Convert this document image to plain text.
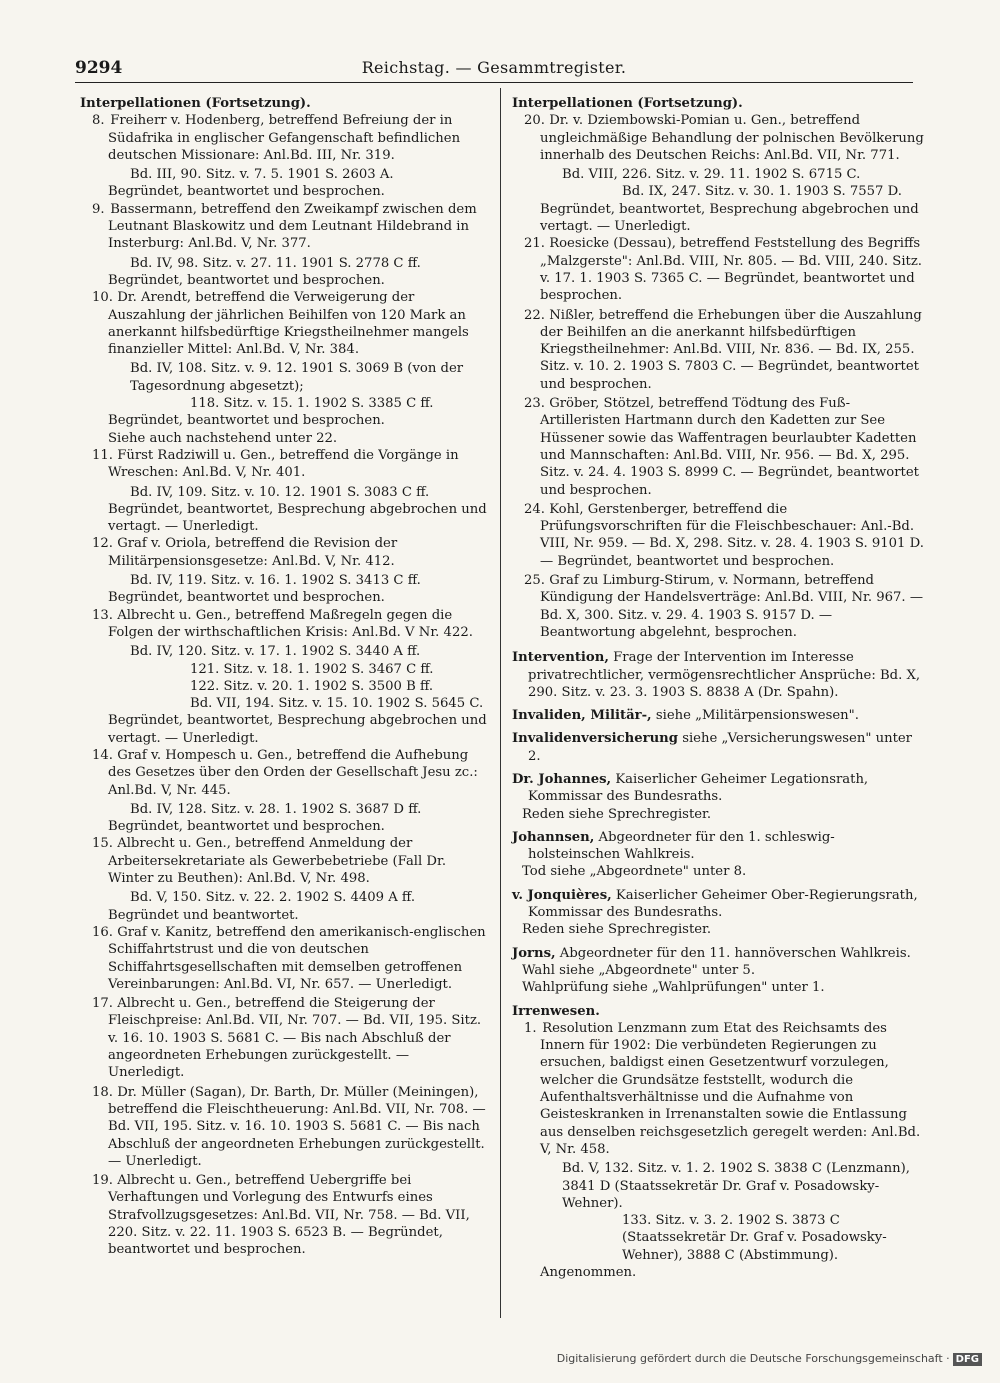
9294	Reichstag. — Gesammtregister.

Interpellationen (Fortsetzung).

8. Freiherr v. Hodenberg, betreffend Befreiung der in Südafrika in englischer Gefangenschaft befindlichen deutschen Missionare: Anl.Bd. III, Nr. 319.

Bd. III, 90. Sitz. v. 7. 5. 1901 S. 2603 A.

Begründet, beantwortet und besprochen.

9. Bassermann, betreffend den Zweikampf zwischen dem Leutnant Blaskowitz und dem Leutnant Hildebrand in Insterburg: Anl.Bd. V, Nr. 377.

Bd. IV, 98. Sitz. v. 27. 11. 1901 S. 2778 C ff.

Begründet, beantwortet und besprochen.

10. Dr. Arendt, betreffend die Verweigerung der Auszahlung der jährlichen Beihilfen von 120 Mark an anerkannt hilfsbedürftige Kriegstheilnehmer mangels finanzieller Mittel: Anl.Bd. V, Nr. 384.

Bd. IV, 108. Sitz. v. 9. 12. 1901 S. 3069 B (von der Tagesordnung abgesetzt);

118. Sitz. v. 15. 1. 1902 S. 3385 C ff.

Begründet, beantwortet und besprochen.

Siehe auch nachstehend unter 22.

11. Fürst Radziwill u. Gen., betreffend die Vorgänge in Wreschen: Anl.Bd. V, Nr. 401.

Bd. IV, 109. Sitz. v. 10. 12. 1901 S. 3083 C ff.

Begründet, beantwortet, Besprechung abgebrochen und vertagt. — Unerledigt.

12. Graf v. Oriola, betreffend die Revision der Militärpensionsgesetze: Anl.Bd. V, Nr. 412.

Bd. IV, 119. Sitz. v. 16. 1. 1902 S. 3413 C ff.

Begründet, beantwortet und besprochen.

13. Albrecht u. Gen., betreffend Maßregeln gegen die Folgen der wirthschaftlichen Krisis: Anl.Bd. V Nr. 422.

Bd. IV, 120. Sitz. v. 17. 1. 1902 S. 3440 A ff.

121. Sitz. v. 18. 1. 1902 S. 3467 C ff.

122. Sitz. v. 20. 1. 1902 S. 3500 B ff.

Bd. VII, 194. Sitz. v. 15. 10. 1902 S. 5645 C.

Begründet, beantwortet, Besprechung abgebrochen und vertagt. — Unerledigt.

14. Graf v. Hompesch u. Gen., betreffend die Aufhebung des Gesetzes über den Orden der Gesellschaft Jesu zc.: Anl.Bd. V, Nr. 445.

Bd. IV, 128. Sitz. v. 28. 1. 1902 S. 3687 D ff.

Begründet, beantwortet und besprochen.

15. Albrecht u. Gen., betreffend Anmeldung der Arbeitersekretariate als Gewerbebetriebe (Fall Dr. Winter zu Beuthen): Anl.Bd. V, Nr. 498.

Bd. V, 150. Sitz. v. 22. 2. 1902 S. 4409 A ff.

Begründet und beantwortet.

16. Graf v. Kanitz, betreffend den amerikanisch-englischen Schiffahrtstrust und die von deutschen Schiffahrtsgesellschaften mit demselben getroffenen Vereinbarungen: Anl.Bd. VI, Nr. 657. — Unerledigt.

17. Albrecht u. Gen., betreffend die Steigerung der Fleischpreise: Anl.Bd. VII, Nr. 707. — Bd. VII, 195. Sitz. v. 16. 10. 1903 S. 5681 C. — Bis nach Abschluß der angeordneten Erhebungen zurückgestellt. — Unerledigt.

18. Dr. Müller (Sagan), Dr. Barth, Dr. Müller (Meiningen), betreffend die Fleischtheuerung: Anl.Bd. VII, Nr. 708. — Bd. VII, 195. Sitz. v. 16. 10. 1903 S. 5681 C. — Bis nach Abschluß der angeordneten Erhebungen zurückgestellt. — Unerledigt.

19. Albrecht u. Gen., betreffend Uebergriffe bei Verhaftungen und Vorlegung des Entwurfs eines Strafvollzugsgesetzes: Anl.Bd. VII, Nr. 758. — Bd. VII, 220. Sitz. v. 22. 11. 1903 S. 6523 B. — Begründet, beantwortet und besprochen.

Interpellationen (Fortsetzung).

20. Dr. v. Dziembowski-Pomian u. Gen., betreffend ungleichmäßige Behandlung der polnischen Bevölkerung innerhalb des Deutschen Reichs: Anl.Bd. VII, Nr. 771.

Bd. VIII, 226. Sitz. v. 29. 11. 1902 S. 6715 C.

Bd. IX, 247. Sitz. v. 30. 1. 1903 S. 7557 D.

Begründet, beantwortet, Besprechung abgebrochen und vertagt. — Unerledigt.

21. Roesicke (Dessau), betreffend Feststellung des Begriffs „Malzgerste": Anl.Bd. VIII, Nr. 805. — Bd. VIII, 240. Sitz. v. 17. 1. 1903 S. 7365 C. — Begründet, beantwortet und besprochen.

22. Nißler, betreffend die Erhebungen über die Auszahlung der Beihilfen an die anerkannt hilfsbedürftigen Kriegstheilnehmer: Anl.Bd. VIII, Nr. 836. — Bd. IX, 255. Sitz. v. 10. 2. 1903 S. 7803 C. — Begründet, beantwortet und besprochen.

23. Gröber, Stötzel, betreffend Tödtung des Fuß-Artilleristen Hartmann durch den Kadetten zur See Hüssener sowie das Waffentragen beurlaubter Kadetten und Mannschaften: Anl.Bd. VIII, Nr. 956. — Bd. X, 295. Sitz. v. 24. 4. 1903 S. 8999 C. — Begründet, beantwortet und besprochen.

24. Kohl, Gerstenberger, betreffend die Prüfungsvorschriften für die Fleischbeschauer: Anl.-Bd. VIII, Nr. 959. — Bd. X, 298. Sitz. v. 28. 4. 1903 S. 9101 D. — Begründet, beantwortet und besprochen.

25. Graf zu Limburg-Stirum, v. Normann, betreffend Kündigung der Handelsverträge: Anl.Bd. VIII, Nr. 967. — Bd. X, 300. Sitz. v. 29. 4. 1903 S. 9157 D. — Beantwortung abgelehnt, besprochen.

Intervention, Frage der Intervention im Interesse privatrechtlicher, vermögensrechtlicher Ansprüche: Bd. X, 290. Sitz. v. 23. 3. 1903 S. 8838 A (Dr. Spahn).

Invaliden, Militär-, siehe „Militärpensionswesen".

Invalidenversicherung siehe „Versicherungswesen" unter 2.

Dr. Johannes, Kaiserlicher Geheimer Legationsrath, Kommissar des Bundesraths.

Reden siehe Sprechregister.

Johannsen, Abgeordneter für den 1. schleswig-holsteinschen Wahlkreis.

Tod siehe „Abgeordnete" unter 8.

v. Jonquières, Kaiserlicher Geheimer Ober-Regierungsrath, Kommissar des Bundesraths.

Reden siehe Sprechregister.

Jorns, Abgeordneter für den 11. hannöverschen Wahlkreis.

Wahl siehe „Abgeordnete" unter 5.

Wahlprüfung siehe „Wahlprüfungen" unter 1.

Irrenwesen.

1. Resolution Lenzmann zum Etat des Reichsamts des Innern für 1902: Die verbündeten Regierungen zu ersuchen, baldigst einen Gesetzentwurf vorzulegen, welcher die Grundsätze feststellt, wodurch die Aufenthaltsverhältnisse und die Aufnahme von Geisteskranken in Irrenanstalten sowie die Entlassung aus denselben reichsgesetzlich geregelt werden: Anl.Bd. V, Nr. 458.

Bd. V, 132. Sitz. v. 1. 2. 1902 S. 3838 C (Lenzmann), 3841 D (Staatssekretär Dr. Graf v. Posadowsky-Wehner).

133. Sitz. v. 3. 2. 1902 S. 3873 C (Staatssekretär Dr. Graf v. Posadowsky-Wehner), 3888 C (Abstimmung).

Angenommen.

Digitalisierung gefördert durch die Deutsche Forschungsgemeinschaft · DFG
